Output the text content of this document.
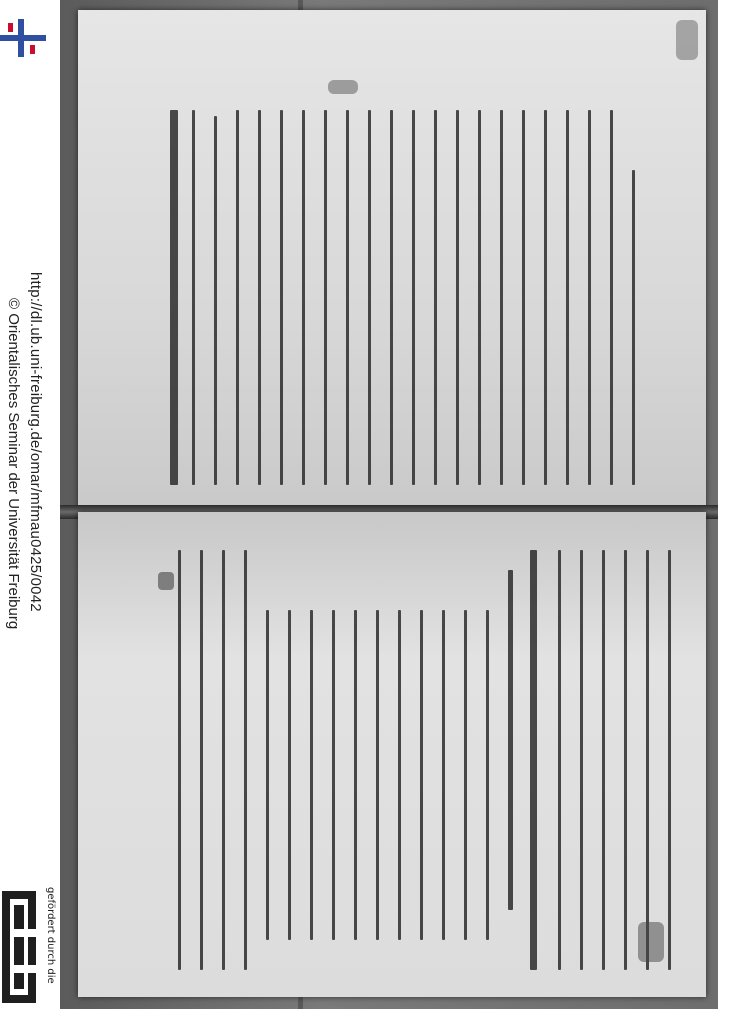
http://dl.ub.uni-freiburg.de/omar/mfmau0425/0042
© Orientalisches Seminar der Universität Freiburg
gefördert durch die
